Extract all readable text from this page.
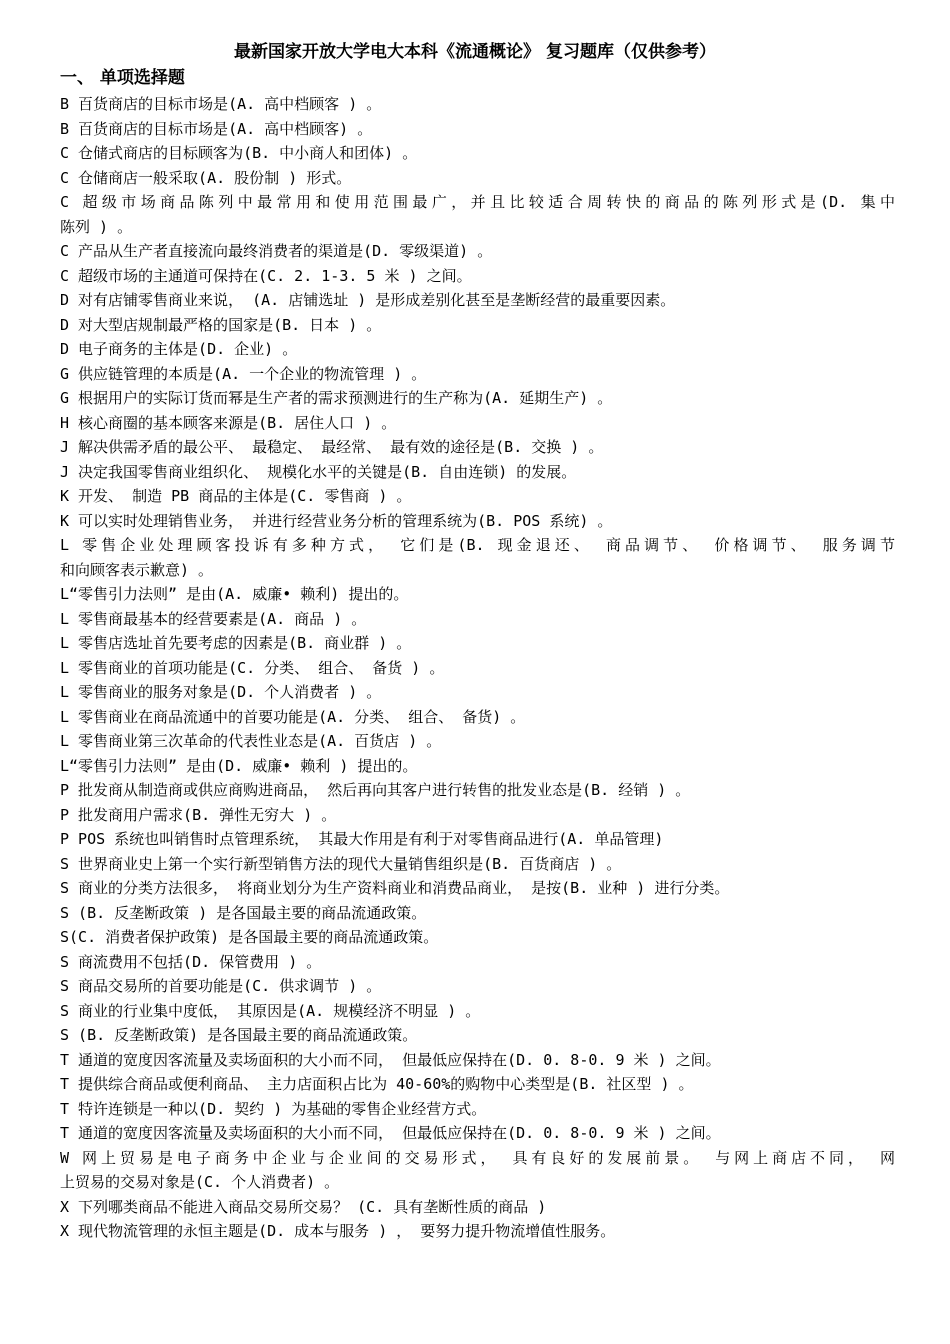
最新国家开放大学电大本科《流通概论》 复习题库（仅供参考）
一、 单项选择题
B 百货商店的目标市场是(A. 高中档顾客 ) 。
B 百货商店的目标市场是(A. 高中档顾客) 。
C 仓储式商店的目标顾客为(B. 中小商人和团体) 。
C 仓储商店一般采取(A. 股份制 ) 形式。
C 超级市场商品陈列中最常用和使用范围最广，并且比较适合周转快的商品的陈列形式是(D. 集中
陈列 ) 。
C 产品从生产者直接流向最终消费者的渠道是(D. 零级渠道) 。
C 超级市场的主通道可保持在(C. 2. 1-3. 5 米 ) 之间。
D 对有店铺零售商业来说， (A. 店铺选址 ) 是形成差别化甚至是垄断经营的最重要因素。
D 对大型店规制最严格的国家是(B. 日本 ) 。
D 电子商务的主体是(D. 企业) 。
G 供应链管理的本质是(A. 一个企业的物流管理 ) 。
G 根据用户的实际订货而幂是生产者的需求预测进行的生产称为(A. 延期生产) 。
H 核心商圈的基本顾客来源是(B. 居住人口 ) 。
J 解决供需矛盾的最公平、 最稳定、 最经常、 最有效的途径是(B. 交换 ) 。
J 决定我国零售商业组织化、 规模化水平的关键是(B. 自由连锁) 的发展。
K 开发、 制造 PB 商品的主体是(C. 零售商 ) 。
K 可以实时处理销售业务， 并进行经营业务分析的管理系统为(B. POS 系统) 。
L 零售企业处理顾客投诉有多种方式， 它们是(B. 现金退还、 商品调节、 价格调节、 服务调节
和向顾客表示歉意) 。
L“零售引力法则” 是由(A. 威廉• 赖利) 提出的。
L 零售商最基本的经营要素是(A. 商品 ) 。
L 零售店选址首先要考虑的因素是(B. 商业群 ) 。
L 零售商业的首项功能是(C. 分类、 组合、 备货 ) 。
L 零售商业的服务对象是(D. 个人消费者 ) 。
L 零售商业在商品流通中的首要功能是(A. 分类、 组合、 备货) 。
L 零售商业第三次革命的代表性业态是(A. 百货店 ) 。
L“零售引力法则” 是由(D. 威廉• 赖利 ) 提出的。
P 批发商从制造商或供应商购进商品， 然后再向其客户进行转售的批发业态是(B. 经销 ) 。
P 批发商用户需求(B. 弹性无穷大 ) 。
P POS 系统也叫销售时点管理系统， 其最大作用是有利于对零售商品进行(A. 单品管理)
S 世界商业史上第一个实行新型销售方法的现代大量销售组织是(B. 百货商店 ) 。
S 商业的分类方法很多， 将商业划分为生产资料商业和消费品商业， 是按(B. 业种 ) 进行分类。
S (B. 反垄断政策 ) 是各国最主要的商品流通政策。
S(C. 消费者保护政策) 是各国最主要的商品流通政策。
S 商流费用不包括(D. 保管费用 ) 。
S 商品交易所的首要功能是(C. 供求调节 ) 。
S 商业的行业集中度低， 其原因是(A. 规模经济不明显 ) 。
S (B. 反垄断政策) 是各国最主要的商品流通政策。
T 通道的宽度因客流量及卖场面积的大小而不同， 但最低应保持在(D. 0. 8-0. 9 米 ) 之间。
T 提供综合商品或便利商品、 主力店面积占比为 40-60%的购物中心类型是(B. 社区型 ) 。
T 特许连锁是一种以(D. 契约 ) 为基础的零售企业经营方式。
T 通道的宽度因客流量及卖场面积的大小而不同， 但最低应保持在(D. 0. 8-0. 9 米 ) 之间。
W 网上贸易是电子商务中企业与企业间的交易形式， 具有良好的发展前景。 与网上商店不同， 网
上贸易的交易对象是(C. 个人消费者) 。
X 下列哪类商品不能进入商品交易所交易？ (C. 具有垄断性质的商品 )
X 现代物流管理的永恒主题是(D. 成本与服务 ) ， 要努力提升物流增值性服务。
